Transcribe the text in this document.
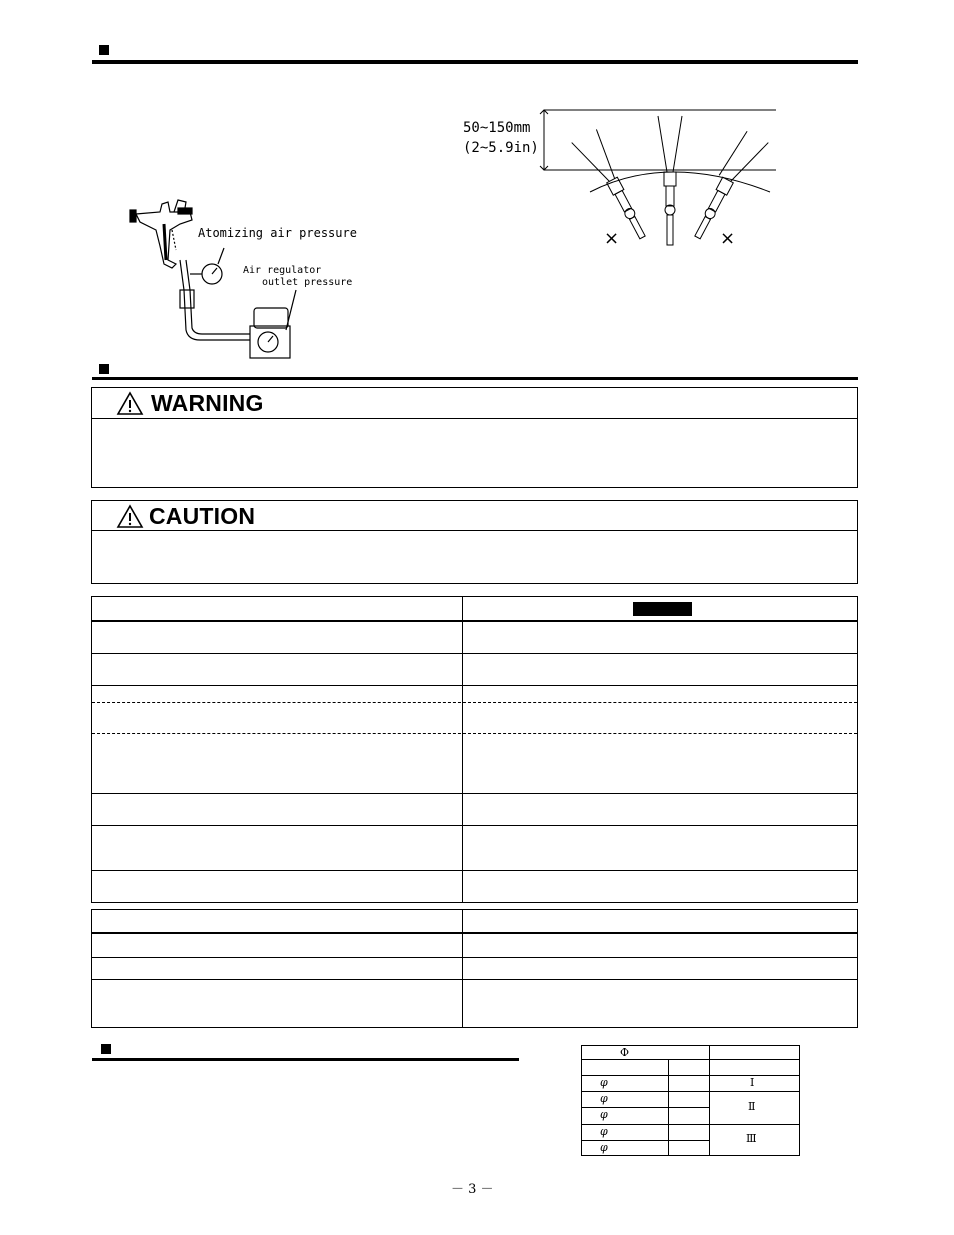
Atomizing air pressure
Air regulator
outlet pressure
50~150mm
(2~5.9in)
×	×
WARNING
CAUTION
Φ
φ
φ
φ
φ
φ
Ⅰ
Ⅱ
Ⅲ
－ 3 －
